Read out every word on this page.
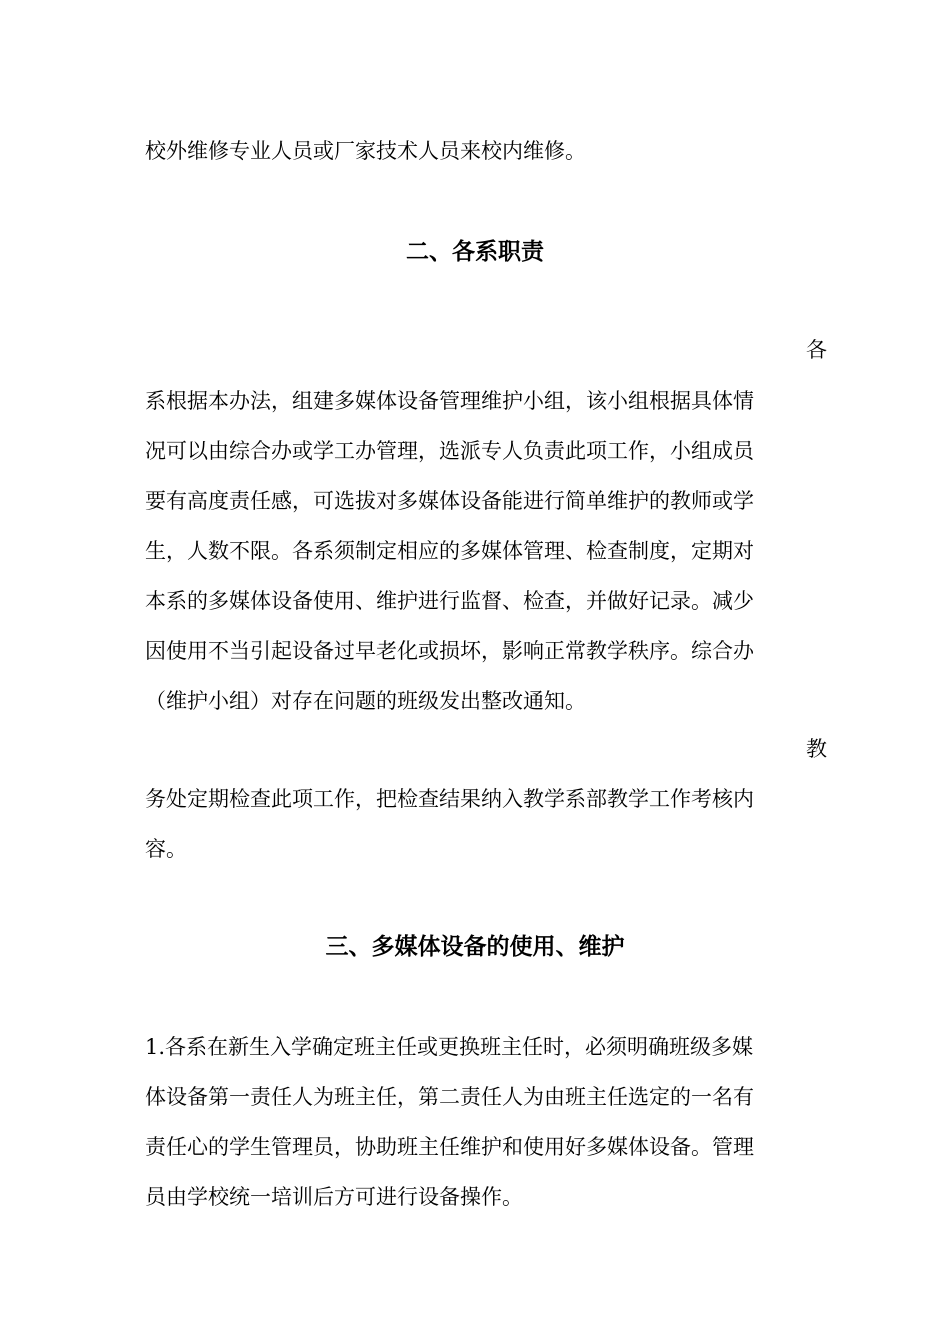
校外维修专业人员或厂家技术人员来校内维修。
二、各系职责
各
系根据本办法，组建多媒体设备管理维护小组，该小组根据具体情
况可以由综合办或学工办管理，选派专人负责此项工作，小组成员
要有高度责任感，可选拔对多媒体设备能进行简单维护的教师或学
生，人数不限。各系须制定相应的多媒体管理、检查制度，定期对
本系的多媒体设备使用、维护进行监督、检查，并做好记录。减少
因使用不当引起设备过早老化或损坏，影响正常教学秩序。综合办
（维护小组）对存在问题的班级发出整改通知。
教
务处定期检查此项工作，把检查结果纳入教学系部教学工作考核内
容。
三、多媒体设备的使用、维护
1.各系在新生入学确定班主任或更换班主任时，必须明确班级多媒
体设备第一责任人为班主任，第二责任人为由班主任选定的一名有
责任心的学生管理员，协助班主任维护和使用好多媒体设备。管理
员由学校统一培训后方可进行设备操作。
